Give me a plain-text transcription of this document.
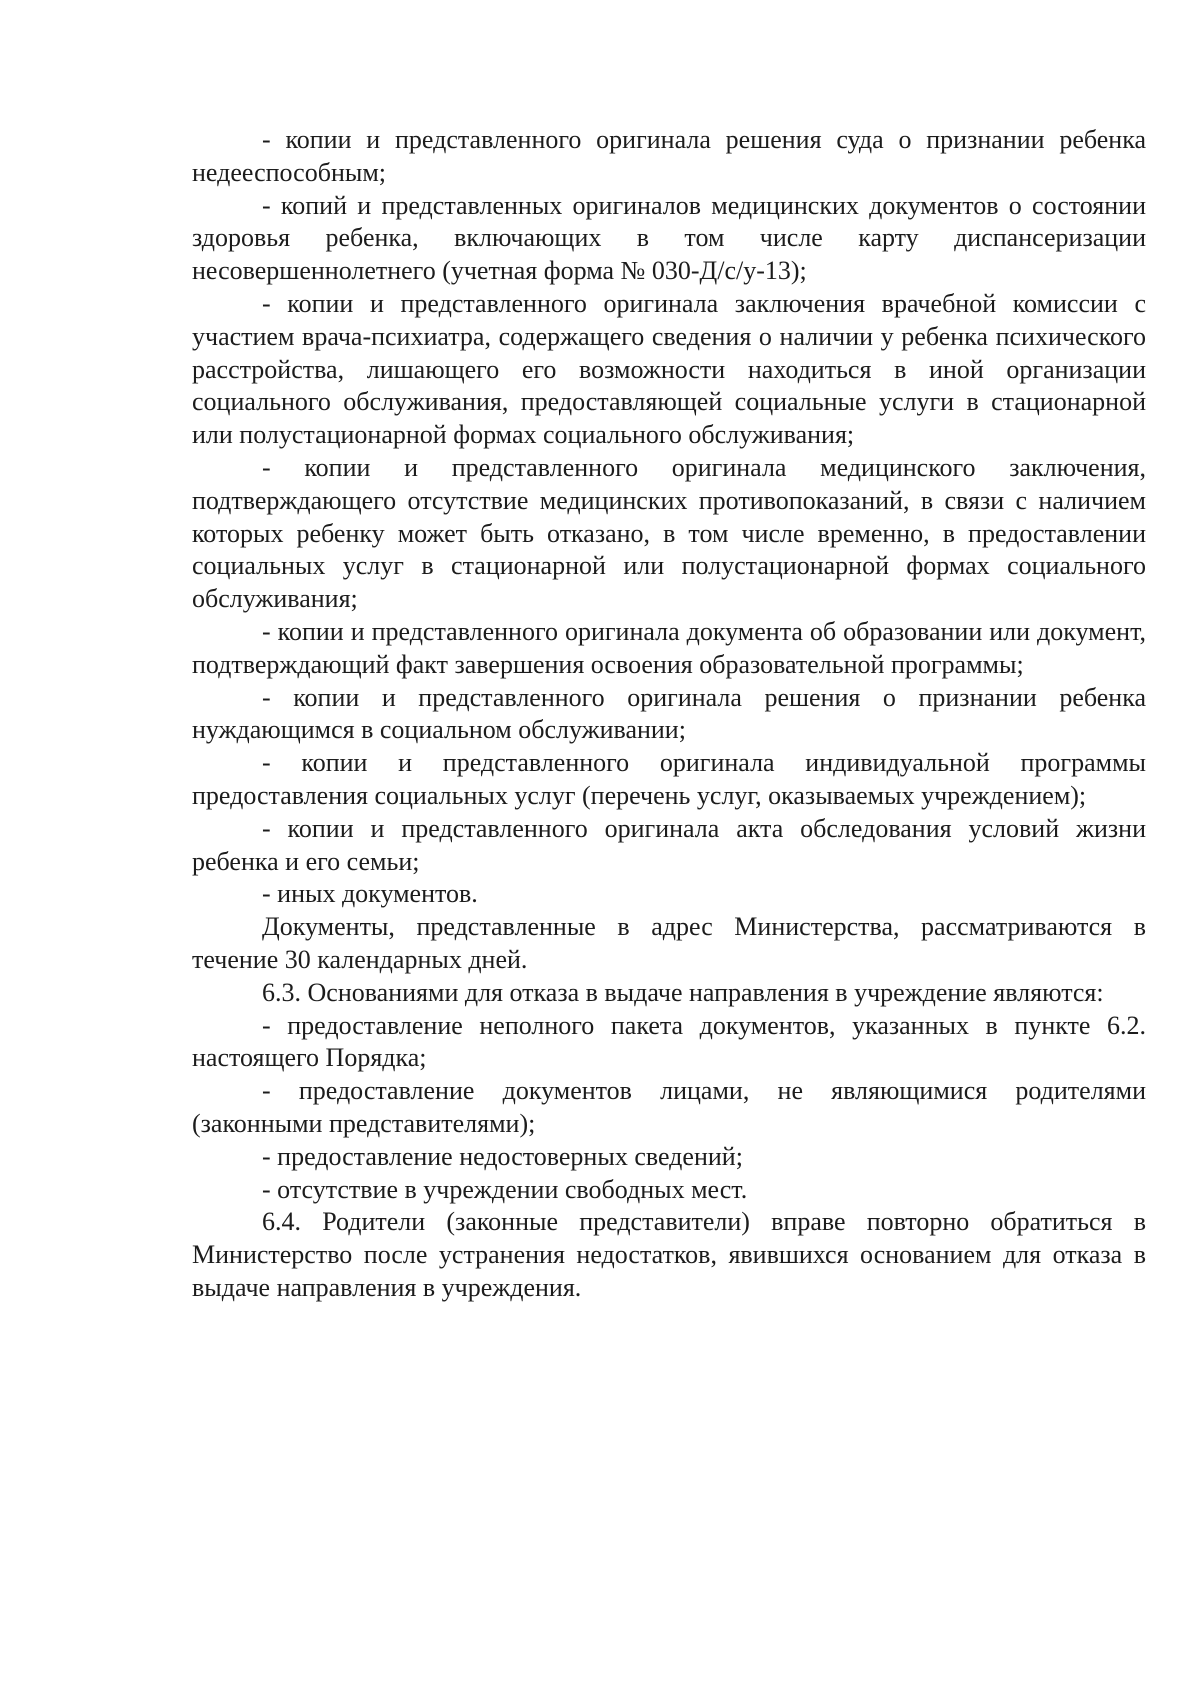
- копии и представленного оригинала решения суда о признании ребенка недееспособным;

- копий и представленных оригиналов медицинских документов о состоянии здоровья ребенка, включающих в том числе карту диспансеризации несовершеннолетнего (учетная форма № 030-Д/с/у-13);

- копии и представленного оригинала заключения врачебной комиссии с участием врача-психиатра, содержащего сведения о наличии у ребенка психического расстройства, лишающего его возможности находиться в иной организации социального обслуживания, предоставляющей социальные услуги в стационарной или полустационарной формах социального обслуживания;

- копии и представленного оригинала медицинского заключения, подтверждающего отсутствие медицинских противопоказаний, в связи с наличием которых ребенку может быть отказано, в том числе временно, в предоставлении социальных услуг в стационарной или полустационарной формах социального обслуживания;

- копии и представленного оригинала документа об образовании или документ, подтверждающий факт завершения освоения образовательной программы;

- копии и представленного оригинала решения о признании ребенка нуждающимся в социальном обслуживании;

- копии и представленного оригинала индивидуальной программы предоставления социальных услуг (перечень услуг, оказываемых учреждением);

- копии и представленного оригинала акта обследования условий жизни ребенка и его семьи;

- иных документов.

Документы, представленные в адрес Министерства, рассматриваются в течение 30 календарных дней.

6.3. Основаниями для отказа в выдаче направления в учреждение являются:

- предоставление неполного пакета документов, указанных в пункте 6.2. настоящего Порядка;

- предоставление документов лицами, не являющимися родителями (законными представителями);

- предоставление недостоверных сведений;

- отсутствие в учреждении свободных мест.

6.4. Родители (законные представители) вправе повторно обратиться в Министерство после устранения недостатков, явившихся основанием для отказа в выдаче направления в учреждения.
